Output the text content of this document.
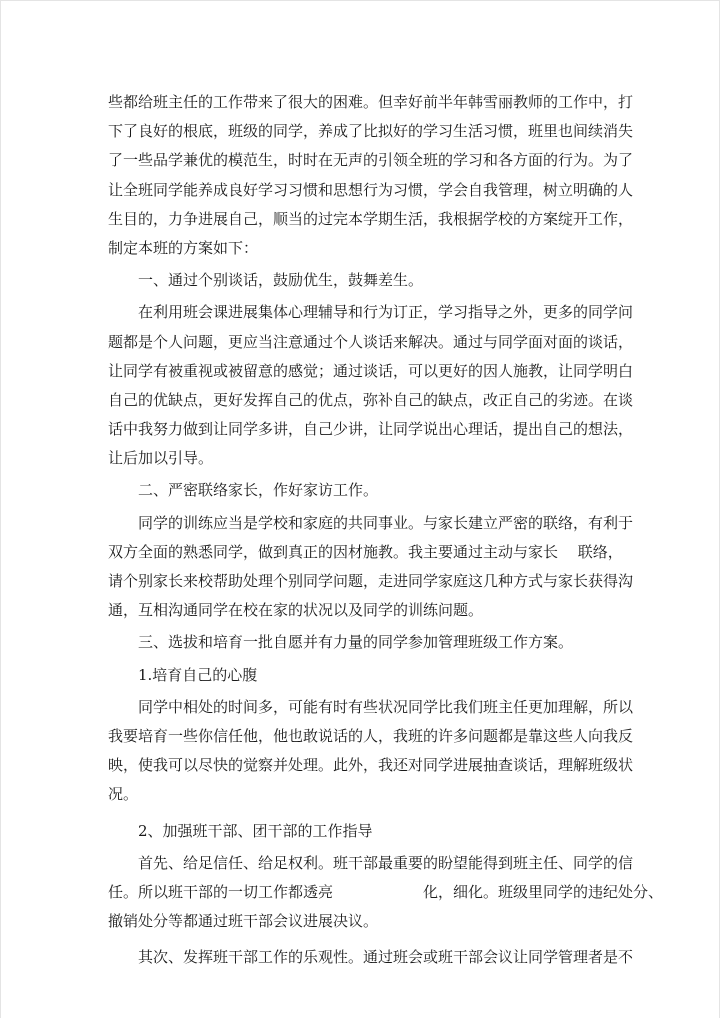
些都给班主任的工作带来了很大的困难。但幸好前半年韩雪丽教师的工作中，打
下了良好的根底，班级的同学，养成了比拟好的学习生活习惯，班里也间续消失
了一些品学兼优的模范生，时时在无声的引领全班的学习和各方面的行为。为了
让全班同学能养成良好学习习惯和思想行为习惯，学会自我管理，树立明确的人
生目的，力争进展自己，顺当的过完本学期生活，我根据学校的方案绽开工作，
制定本班的方案如下：
一、通过个别谈话，鼓励优生，鼓舞差生。
在利用班会课进展集体心理辅导和行为订正，学习指导之外，更多的同学问
题都是个人问题，更应当注意通过个人谈话来解决。通过与同学面对面的谈话，
让同学有被重视或被留意的感觉；通过谈话，可以更好的因人施教，让同学明白
自己的优缺点，更好发挥自己的优点，弥补自己的缺点，改正自己的劣迹。在谈
话中我努力做到让同学多讲，自己少讲，让同学说出心理话，提出自己的想法，
让后加以引导。
二、严密联络家长，作好家访工作。
同学的训练应当是学校和家庭的共同事业。与家长建立严密的联络，有利于
双方全面的熟悉同学，做到真正的因材施教。我主要通过主动与家长　 联络，
请个别家长来校帮助处理个别同学问题，走进同学家庭这几种方式与家长获得沟
通，互相沟通同学在校在家的状况以及同学的训练问题。
三、选拔和培育一批自愿并有力量的同学参加管理班级工作方案。
1.培育自己的心腹
同学中相处的时间多，可能有时有些状况同学比我们班主任更加理解，所以
我要培育一些你信任他，他也敢说话的人，我班的许多问题都是靠这些人向我反
映，使我可以尽快的觉察并处理。此外，我还对同学进展抽查谈话，理解班级状
况。
2、加强班干部、团干部的工作指导
首先、给足信任、给足权利。班干部最重要的盼望能得到班主任、同学的信
任。所以班干部的一切工作都透亮　　　　　　化，细化。班级里同学的违纪处分、
撤销处分等都通过班干部会议进展决议。
其次、发挥班干部工作的乐观性。通过班会或班干部会议让同学管理者是不
